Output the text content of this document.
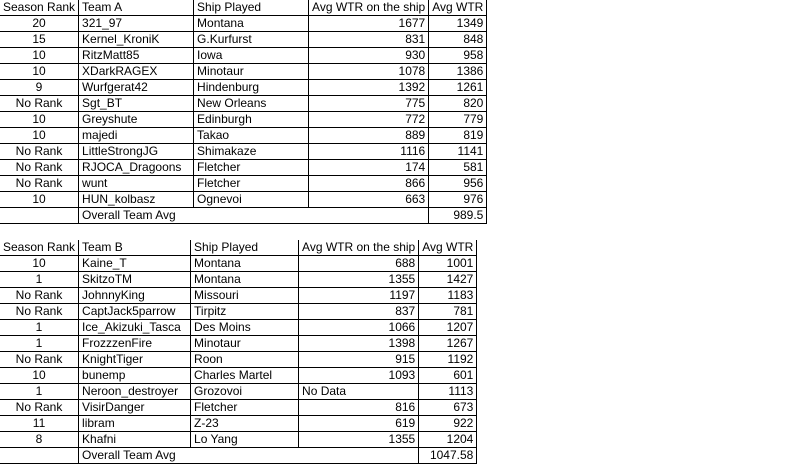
Season Rank	Team A	Ship Played	Avg WTR on the ship	Avg WTR
20	321_97	Montana	1677	1349
15	Kernel_KroniK	G.Kurfurst	831	848
10	RitzMatt85	Iowa	930	958
10	XDarkRAGEX	Minotaur	1078	1386
9	Wurfgerat42	Hindenburg	1392	1261
No Rank	Sgt_BT	New Orleans	775	820
10	Greyshute	Edinburgh	772	779
10	majedi	Takao	889	819
No Rank	LittleStrongJG	Shimakaze	1116	1141
No Rank	RJOCA_Dragoons	Fletcher	174	581
No Rank	wunt	Fletcher	866	956
10	HUN_kolbasz	Ognevoi	663	976
	Overall Team Avg			989.5
Season Rank	Team B	Ship Played	Avg WTR on the ship	Avg WTR
10	Kaine_T	Montana	688	1001
1	SkitzoTM	Montana	1355	1427
No Rank	JohnnyKing	Missouri	1197	1183
No Rank	CaptJack5parrow	Tirpitz	837	781
1	Ice_Akizuki_Tasca	Des Moins	1066	1207
1	FrozzzenFire	Minotaur	1398	1267
No Rank	KnightTiger	Roon	915	1192
10	bunemp	Charles Martel	1093	601
1	Neroon_destroyer	Grozovoi	No Data	1113
No Rank	VisirDanger	Fletcher	816	673
11	libram	Z-23	619	922
8	Khafni	Lo Yang	1355	1204
	Overall Team Avg			1047.58
